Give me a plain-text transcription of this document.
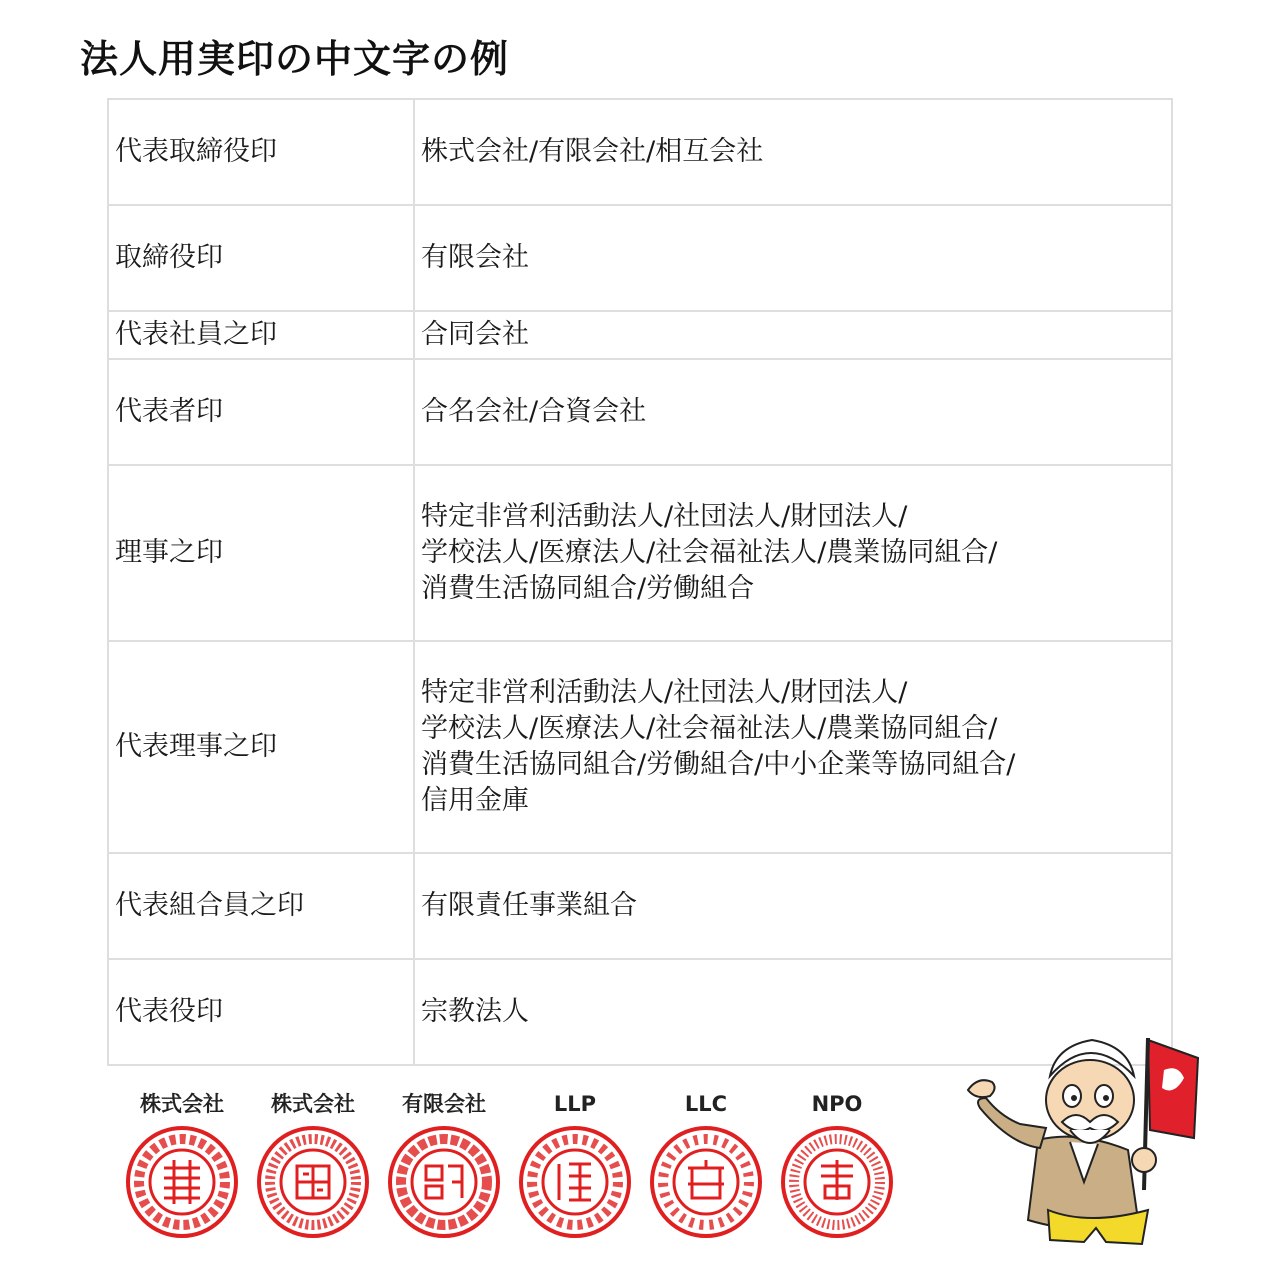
法人用実印の中文字の例
代表取締役印	株式会社/有限会社/相互会社
取締役印	有限会社
代表社員之印	合同会社
代表者印	合名会社/合資会社
理事之印	特定非営利活動法人/社団法人/財団法人/
学校法人/医療法人/社会福祉法人/農業協同組合/
消費生活協同組合/労働組合
代表理事之印	特定非営利活動法人/社団法人/財団法人/
学校法人/医療法人/社会福祉法人/農業協同組合/
消費生活協同組合/労働組合/中小企業等協同組合/
信用金庫
代表組合員之印	有限責任事業組合
代表役印	宗教法人
株式会社	株式会社	有限会社	LLP	LLC	NPO
